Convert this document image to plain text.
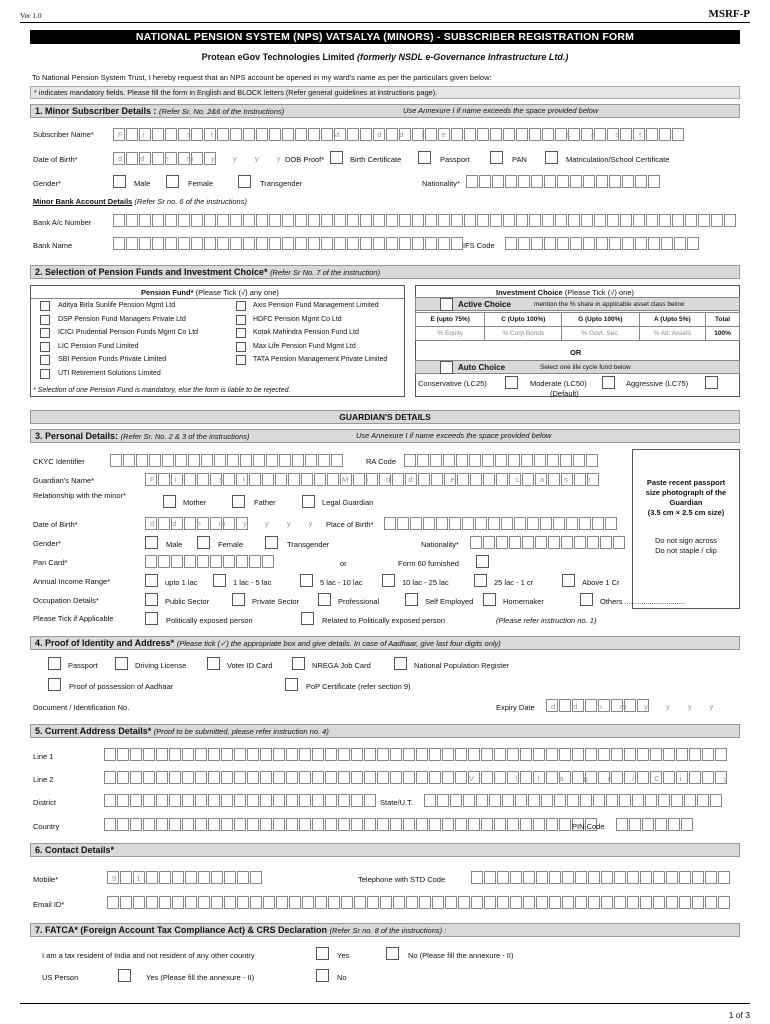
Ver 1.0	MSRF-P
NATIONAL PENSION SYSTEM (NPS) VATSALYA (MINORS) - SUBSCRIBER REGISTRATION FORM
Protean eGov Technologies Limited (formerly NSDL e-Governance Infrastructure Ltd.)
To National Pension System Trust, I hereby request that an NPS account be opened in my ward's name as per the particulars given below:
* indicates mandatory fields. Please fill the form in English and BLOCK letters (Refer general guidelines at instructions page).
1. Minor Subscriber Details : (Refer Sr. No. 2&6 of the Instructions)	Use Annexure I if name exceeds the space provided below
Subscriber Name*	M i d d l e
F i r s t	L a s t
Date of Birth*	d d m m y y y y
DOB Proof*	Birth Certificate	Passport	PAN	Matriculation/School Certificate
Gender*	Male	Female	Transgender	Nationality*
Minor Bank Account Details (Refer Sr no. 6 of the instructions)
Bank A/c Number
Bank Name	IFS Code
2. Selection of Pension Funds and Investment Choice* (Refer Sr No. 7 of the instruction)
Pension Fund* (Please Tick (√) any one)
* Selection of one Pension Fund is mandatory, else the form is liable to be rejected.
Investment Choice (Please Tick (√) one)
Active Choice	mention the % share in applicable asset class below
E (upto 75%)	C (Upto 100%)	G (Upto 100%)	A (Upto 5%)	Total
% Equity	% Corp Bonds	% Govt. Sec.	% Alt. Assets	100%
OR
Auto Choice	Select one life cycle fund below
Conservative (LC25)	Moderate (LC50)
(Default)
Aggressive (LC75)
GUARDIAN'S DETAILS
3. Personal Details: (Refer Sr. No. 2 & 3 of the instructions)	Use Annexure I if name exceeds the space provided below
CKYC Identifier	RA Code
Guardian's Name*	F i r s t	M i d d l e	L a s t
Relationship with the minor*
Mother	Father	Legal Guardian
Date of Birth*	d d m m y y y y Place of Birth*
Gender*	Male	Female	Transgender	Nationality*
Pan Card*	or	Form 60 furnished
Annual Income Range*
Occupation Details*
Please Tick if Applicable	Politically exposed person	Related to Politically exposed person	(Please refer instruction no. 1)
Paste recent passport size photograph of the Guardian
(3.5 cm × 2.5 cm size)
Do not sign across
Do not staple / clip
4. Proof of Identity and Address* (Please tick (✓) the appropriate box and give details. In case of Aadhaar, give last four digits only)
Proof of possession of Aadhaar	PoP Certificate (refer section 9)
Document / Identification No.	Expiry Date d d m m y y y y
5. Current Address Details* (Proof to be submitted, please refer instruction no. 4)
Line 1
Line 2	V i l l a g e / C i t y
District	State/U.T.
Country	PIN Code
6. Contact Details*
Mobile*	9 1	Telephone with STD Code
Email ID*
7. FATCA* (Foreign Account Tax Compliance Act) & CRS Declaration (Refer Sr no. 8 of the instructions) :
I am a tax resident of India and not resident of any other country	Yes	No (Please fill the annexure - II)
US Person	Yes (Please fill the annexure - II)	No
1 of 3
Aditya Birla Sunlife Pension Mgmt Ltd
DSP Pension Fund Managers Private Ltd
ICICI Prudential Pension Funds Mgmt Co Ltd
LIC Pension Fund Limited
SBI Pension Funds Private Limited
UTI Retirement Solutions Limited
Axis Pension Fund Management Limited
HDFC Pension Mgmt Co Ltd
Kotak Mahindra Pension Fund Ltd
Max Life Pension Fund Mgmt Ltd
TATA Pension Management Private Limited
upto 1 lac	1 lac - 5 lac	5 lac - 10 lac	10 lac - 25 lac	25 lac - 1 cr	Above 1 Cr
Public Sector	Private Sector	Professional	Self Employed	Homemaker	Others .............................
Passport	Driving License	Voter ID Card	NREGA Job Card	National Population Register
